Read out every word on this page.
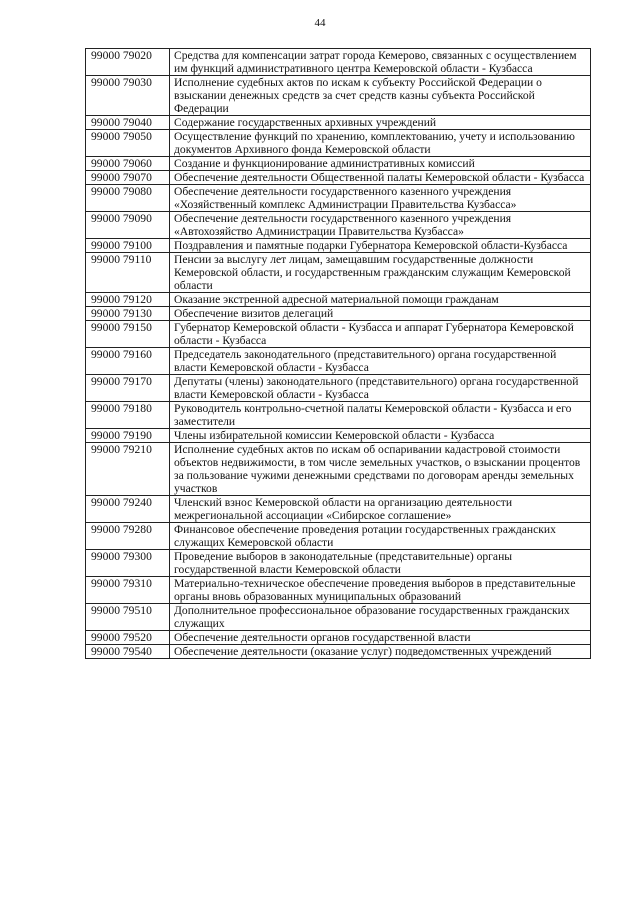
44
99000 79020	Средства для компенсации затрат города Кемерово, связанных с осуществлением им функций административного центра Кемеровской области - Кузбасса
99000 79030	Исполнение судебных актов по искам к субъекту Российской Федерации о взыскании денежных средств за счет средств казны субъекта Российской Федерации
99000 79040	Содержание государственных архивных учреждений
99000 79050	Осуществление функций по хранению, комплектованию, учету и использованию документов Архивного фонда Кемеровской области
99000 79060	Создание и функционирование административных комиссий
99000 79070	Обеспечение деятельности Общественной палаты Кемеровской области - Кузбасса
99000 79080	Обеспечение деятельности государственного казенного учреждения «Хозяйственный комплекс Администрации Правительства Кузбасса»
99000 79090	Обеспечение деятельности государственного казенного учреждения «Автохозяйство Администрации Правительства Кузбасса»
99000 79100	Поздравления и памятные подарки Губернатора Кемеровской области-Кузбасса
99000 79110	Пенсии за выслугу лет лицам, замещавшим государственные должности Кемеровской области, и государственным гражданским служащим Кемеровской области
99000 79120	Оказание экстренной адресной материальной помощи гражданам
99000 79130	Обеспечение визитов делегаций
99000 79150	Губернатор Кемеровской области - Кузбасса и аппарат Губернатора Кемеровской области - Кузбасса
99000 79160	Председатель законодательного (представительного) органа государственной власти Кемеровской области - Кузбасса
99000 79170	Депутаты (члены) законодательного (представительного) органа государственной власти Кемеровской области - Кузбасса
99000 79180	Руководитель контрольно-счетной палаты Кемеровской области - Кузбасса и его заместители
99000 79190	Члены избирательной комиссии Кемеровской области - Кузбасса
99000 79210	Исполнение судебных актов по искам об оспаривании кадастровой стоимости объектов недвижимости, в том числе земельных участков, о взыскании процентов за пользование чужими денежными средствами по договорам аренды земельных участков
99000 79240	Членский взнос Кемеровской области на организацию деятельности межрегиональной ассоциации «Сибирское соглашение»
99000 79280	Финансовое обеспечение проведения ротации государственных гражданских служащих Кемеровской области
99000 79300	Проведение выборов в законодательные (представительные) органы государственной власти Кемеровской области
99000 79310	Материально-техническое обеспечение проведения выборов в представительные органы вновь образованных муниципальных образований
99000 79510	Дополнительное профессиональное образование государственных гражданских служащих
99000 79520	Обеспечение деятельности органов государственной власти
99000 79540	Обеспечение деятельности (оказание услуг) подведомственных учреждений
